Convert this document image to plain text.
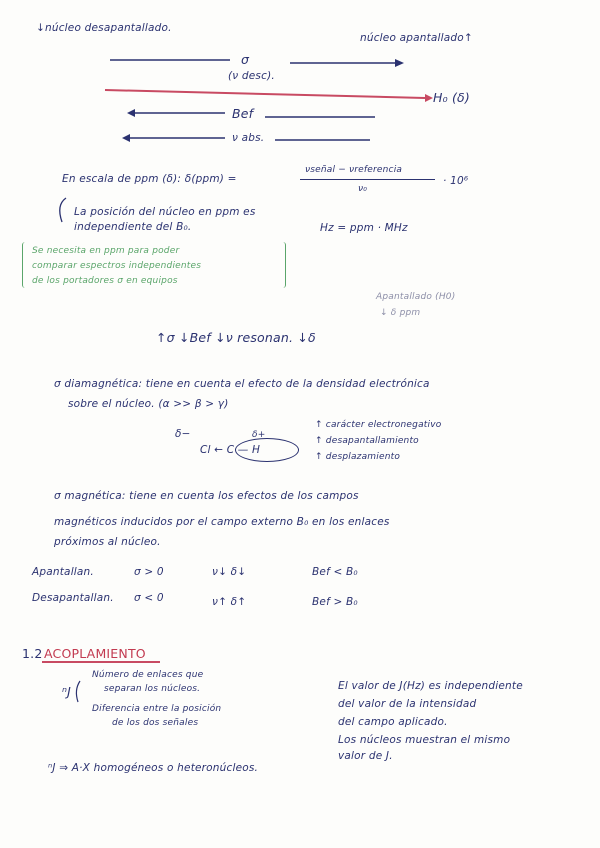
↓núcleo desapantallado.
núcleo apantallado↑
σ
(ν desc).
H₀ (δ)
Bef
ν abs.
En escala de ppm (δ): δ(ppm) =
νseñal − νreferencia
ν₀
· 10⁶
La posición del núcleo en ppm es independiente del B₀.	Hz = ppm · MHz
Se necesita en ppm para poder
comparar espectros independientes
de los portadores σ en equipos
Apantallado (H0)
↓ δ ppm
↑σ ↓Bef ↓ν resonan. ↓δ
σ diamagnética: tiene en cuenta el efecto de la densidad electrónica
sobre el núcleo. (α >> β > γ)
δ−	δ+
Cl ← C — H
↑ carácter electronegativo
↑ desapantallamiento
↑ desplazamiento
σ magnética: tiene en cuenta los efectos de los campos
magnéticos inducidos por el campo externo B₀ en los enlaces
próximos al núcleo.
Apantallan.	σ > 0	ν↓ δ↓	Bef < B₀
Desapantallan. σ < 0	ν↑ δ↑	Bef > B₀
1.2 ACOPLAMIENTO
ⁿJ
Número de enlaces que
separan los núcleos.
Diferencia entre la posición
de los dos señales
El valor de J(Hz) es independiente
del valor de la intensidad
del campo aplicado.
Los núcleos muestran el mismo
valor de J.
ⁿJ ⇒ A·X homogéneos o heteronúcleos.
